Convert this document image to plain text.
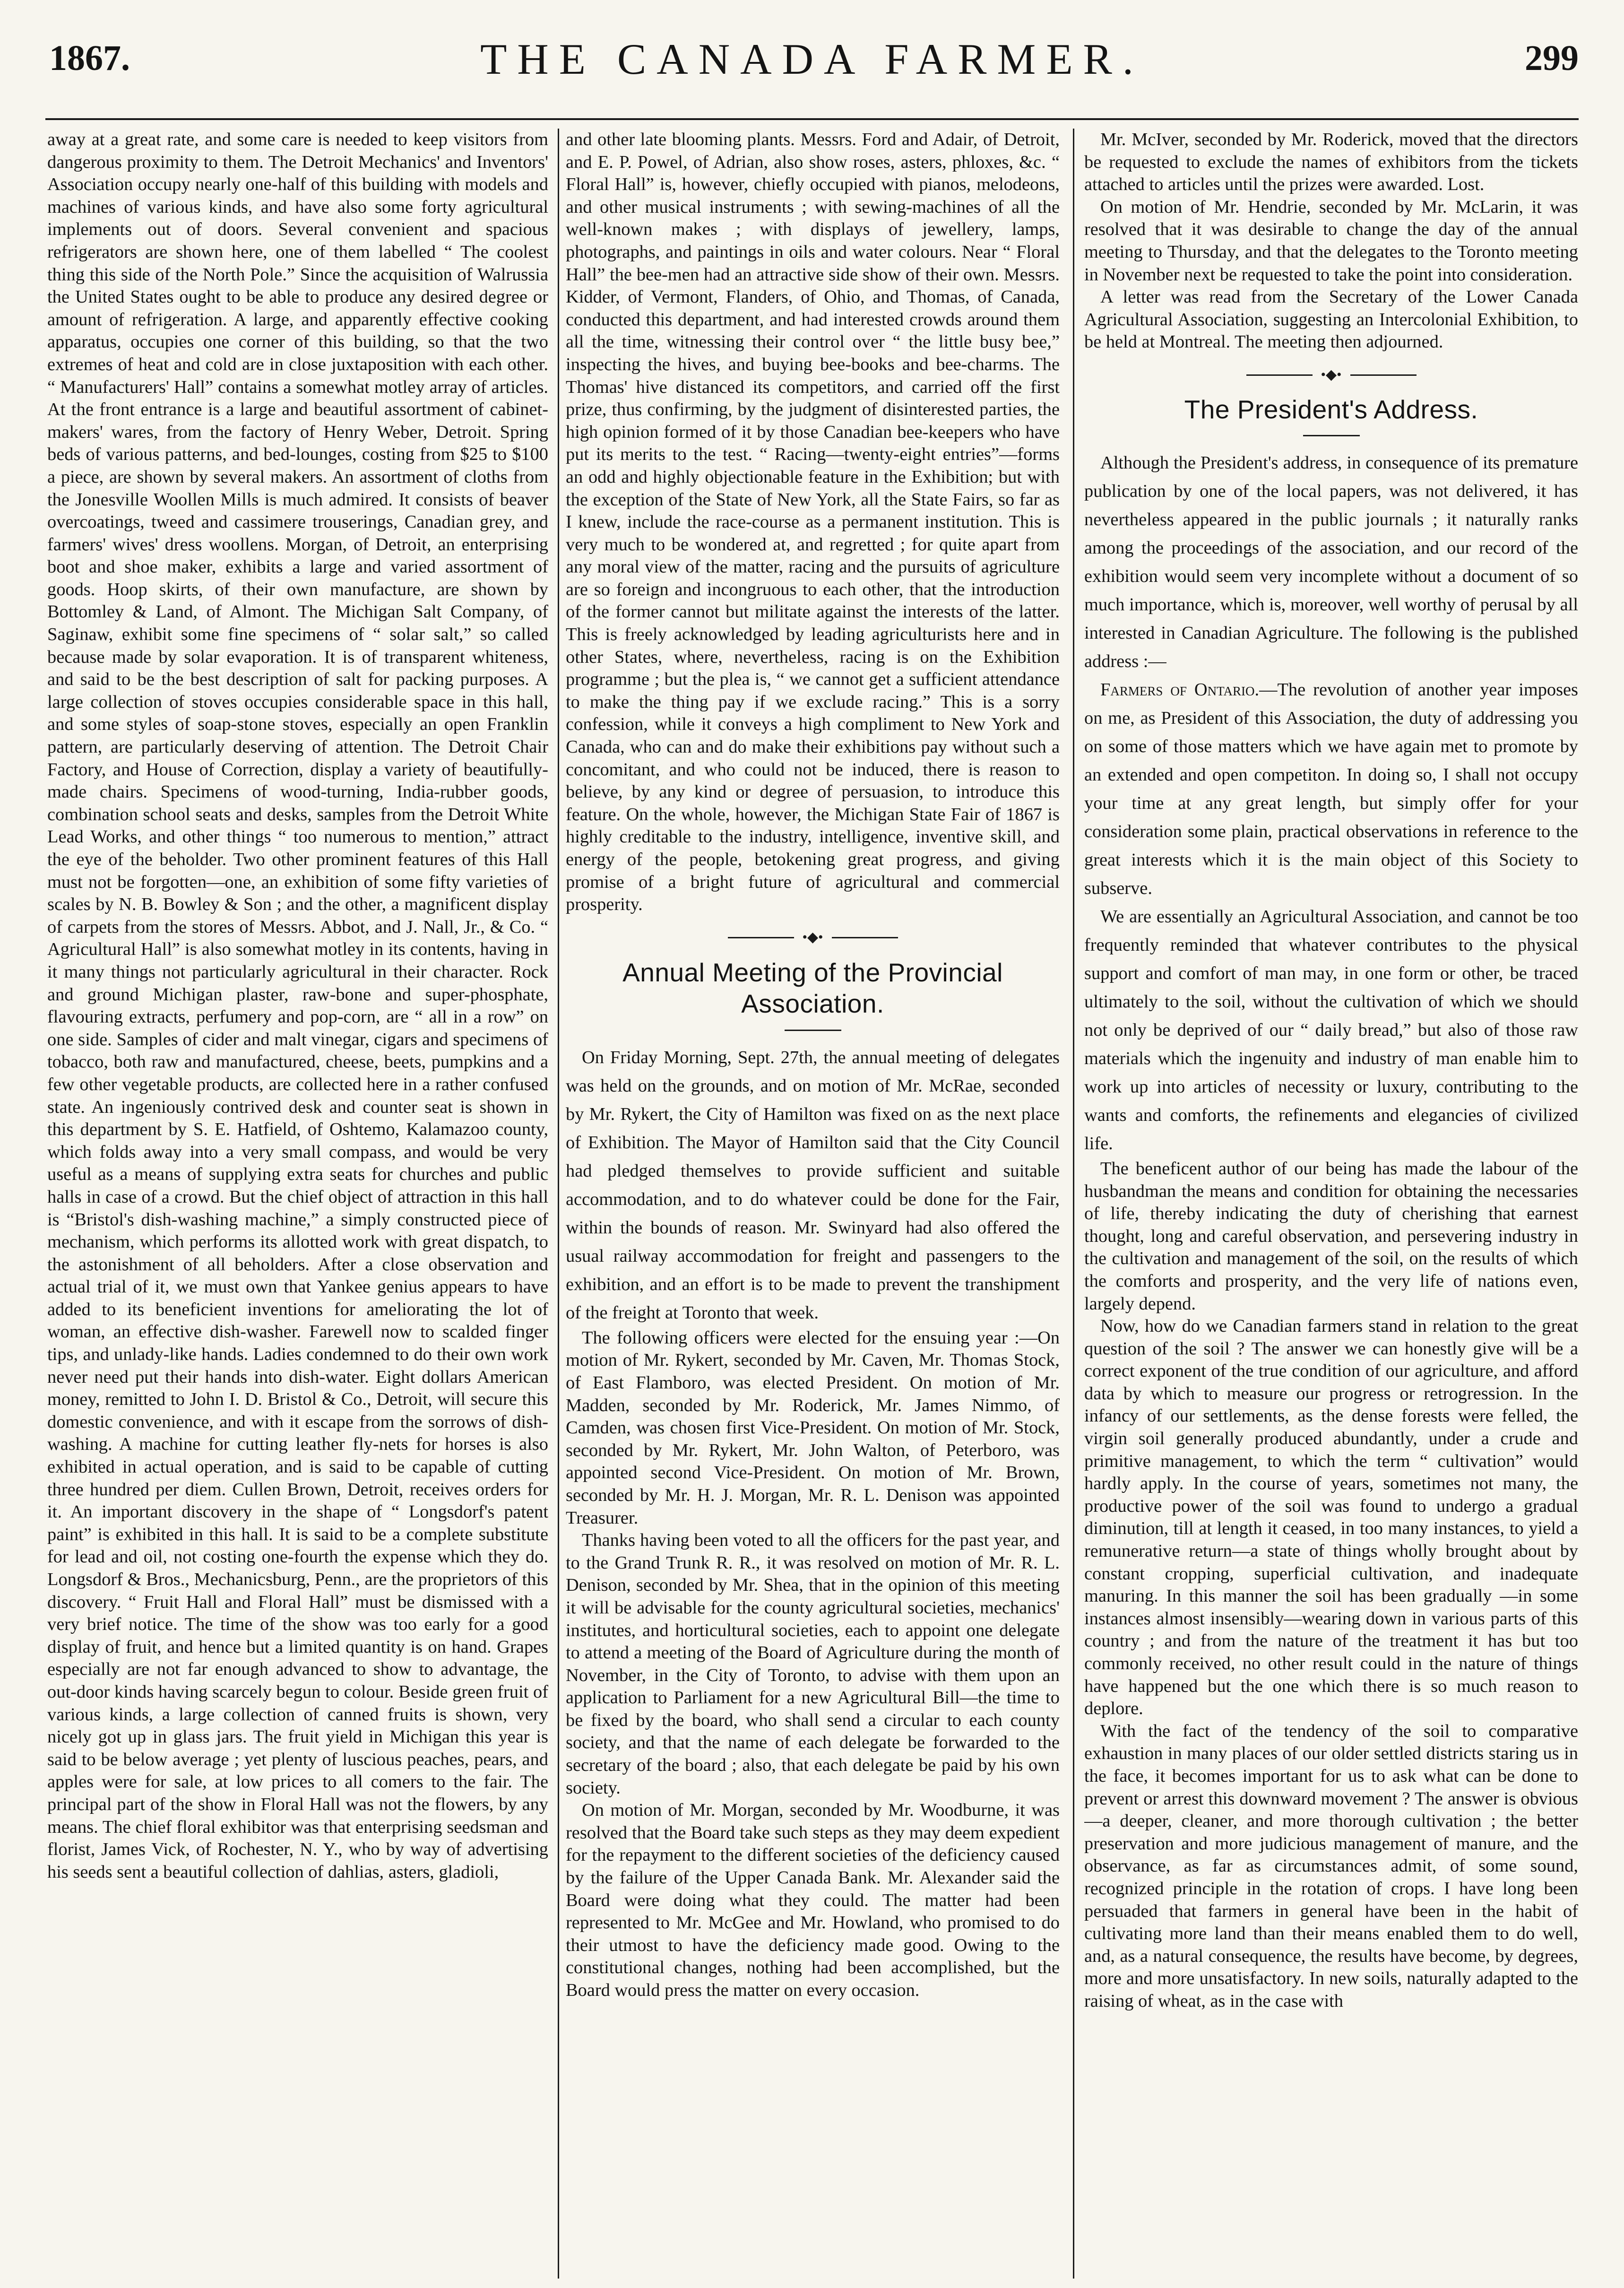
1867.	THE CANADA FARMER.	299

away at a great rate, and some care is needed to keep visitors from dangerous proximity to them. The Detroit Mechanics' and Inventors' Association occupy nearly one-half of this building with models and machines of various kinds, and have also some forty agricultural implements out of doors. Several convenient and spacious refrigerators are shown here, one of them labelled “ The coolest thing this side of the North Pole.” Since the acquisition of Walrussia the United States ought to be able to produce any desired degree or amount of refrigeration. A large, and apparently effective cooking apparatus, occupies one corner of this building, so that the two extremes of heat and cold are in close juxtaposition with each other. “ Manufacturers' Hall” contains a somewhat motley array of articles. At the front entrance is a large and beautiful assortment of cabinet-makers' wares, from the factory of Henry Weber, Detroit. Spring beds of various patterns, and bed-lounges, costing from $25 to $100 a piece, are shown by several makers. An assortment of cloths from the Jonesville Woollen Mills is much admired. It consists of beaver overcoatings, tweed and cassimere trouserings, Canadian grey, and farmers' wives' dress woollens. Morgan, of Detroit, an enterprising boot and shoe maker, exhibits a large and varied assortment of goods. Hoop skirts, of their own manufacture, are shown by Bottomley & Land, of Almont. The Michigan Salt Company, of Saginaw, exhibit some fine specimens of “ solar salt,” so called because made by solar evaporation. It is of transparent whiteness, and said to be the best description of salt for packing purposes. A large collection of stoves occupies considerable space in this hall, and some styles of soap-stone stoves, especially an open Franklin pattern, are particularly deserving of attention. The Detroit Chair Factory, and House of Correction, display a variety of beautifully-made chairs. Specimens of wood-turning, India-rubber goods, combination school seats and desks, samples from the Detroit White Lead Works, and other things “ too numerous to mention,” attract the eye of the beholder. Two other prominent features of this Hall must not be forgotten—one, an exhibition of some fifty varieties of scales by N. B. Bowley & Son ; and the other, a magnificent display of carpets from the stores of Messrs. Abbot, and J. Nall, Jr., & Co. “ Agricultural Hall” is also somewhat motley in its contents, having in it many things not particularly agricultural in their character. Rock and ground Michigan plaster, raw-bone and super-phosphate, flavouring extracts, perfumery and pop-corn, are “ all in a row” on one side. Samples of cider and malt vinegar, cigars and specimens of tobacco, both raw and manufactured, cheese, beets, pumpkins and a few other vegetable products, are collected here in a rather confused state. An ingeniously contrived desk and counter seat is shown in this department by S. E. Hatfield, of Oshtemo, Kalamazoo county, which folds away into a very small compass, and would be very useful as a means of supplying extra seats for churches and public halls in case of a crowd. But the chief object of attraction in this hall is “Bristol's dish-washing machine,” a simply constructed piece of mechanism, which performs its allotted work with great dispatch, to the astonishment of all beholders. After a close observation and actual trial of it, we must own that Yankee genius appears to have added to its beneficient inventions for ameliorating the lot of woman, an effective dish-washer. Farewell now to scalded finger tips, and unlady-like hands. Ladies condemned to do their own work never need put their hands into dish-water. Eight dollars American money, remitted to John I. D. Bristol & Co., Detroit, will secure this domestic convenience, and with it escape from the sorrows of dish-washing. A machine for cutting leather fly-nets for horses is also exhibited in actual operation, and is said to be capable of cutting three hundred per diem. Cullen Brown, Detroit, receives orders for it. An important discovery in the shape of “ Longsdorf's patent paint” is exhibited in this hall. It is said to be a complete substitute for lead and oil, not costing one-fourth the expense which they do. Longsdorf & Bros., Mechanicsburg, Penn., are the proprietors of this discovery. “ Fruit Hall and Floral Hall” must be dismissed with a very brief notice. The time of the show was too early for a good display of fruit, and hence but a limited quantity is on hand. Grapes especially are not far enough advanced to show to advantage, the out-door kinds having scarcely begun to colour. Beside green fruit of various kinds, a large collection of canned fruits is shown, very nicely got up in glass jars. The fruit yield in Michigan this year is said to be below average ; yet plenty of luscious peaches, pears, and apples were for sale, at low prices to all comers to the fair. The principal part of the show in Floral Hall was not the flowers, by any means. The chief floral exhibitor was that enterprising seedsman and florist, James Vick, of Rochester, N. Y., who by way of advertising his seeds sent a beautiful collection of dahlias, asters, gladioli,

and other late blooming plants. Messrs. Ford and Adair, of Detroit, and E. P. Powel, of Adrian, also show roses, asters, phloxes, &c. “ Floral Hall” is, however, chiefly occupied with pianos, melodeons, and other musical instruments ; with sewing-machines of all the well-known makes ; with displays of jewellery, lamps, photographs, and paintings in oils and water colours. Near “ Floral Hall” the bee-men had an attractive side show of their own. Messrs. Kidder, of Vermont, Flanders, of Ohio, and Thomas, of Canada, conducted this department, and had interested crowds around them all the time, witnessing their control over “ the little busy bee,” inspecting the hives, and buying bee-books and bee-charms. The Thomas' hive distanced its competitors, and carried off the first prize, thus confirming, by the judgment of disinterested parties, the high opinion formed of it by those Canadian bee-keepers who have put its merits to the test. “ Racing—twenty-eight entries”—forms an odd and highly objectionable feature in the Exhibition; but with the exception of the State of New York, all the State Fairs, so far as I knew, include the race-course as a permanent institution. This is very much to be wondered at, and regretted ; for quite apart from any moral view of the matter, racing and the pursuits of agriculture are so foreign and incongruous to each other, that the introduction of the former cannot but militate against the interests of the latter. This is freely acknowledged by leading agriculturists here and in other States, where, nevertheless, racing is on the Exhibition programme ; but the plea is, “ we cannot get a sufficient attendance to make the thing pay if we exclude racing.” This is a sorry confession, while it conveys a high compliment to New York and Canada, who can and do make their exhibitions pay without such a concomitant, and who could not be induced, there is reason to believe, by any kind or degree of persuasion, to introduce this feature. On the whole, however, the Michigan State Fair of 1867 is highly creditable to the industry, intelligence, inventive skill, and energy of the people, betokening great progress, and giving promise of a bright future of agricultural and commercial prosperity.

•◆•
Annual Meeting of the Provincial Association.

On Friday Morning, Sept. 27th, the annual meeting of delegates was held on the grounds, and on motion of Mr. McRae, seconded by Mr. Rykert, the City of Hamilton was fixed on as the next place of Exhibition. The Mayor of Hamilton said that the City Council had pledged themselves to provide sufficient and suitable accommodation, and to do whatever could be done for the Fair, within the bounds of reason. Mr. Swinyard had also offered the usual railway accommodation for freight and passengers to the exhibition, and an effort is to be made to prevent the transhipment of the freight at Toronto that week.

The following officers were elected for the ensuing year :—On motion of Mr. Rykert, seconded by Mr. Caven, Mr. Thomas Stock, of East Flamboro, was elected President. On motion of Mr. Madden, seconded by Mr. Roderick, Mr. James Nimmo, of Camden, was chosen first Vice-President. On motion of Mr. Stock, seconded by Mr. Rykert, Mr. John Walton, of Peterboro, was appointed second Vice-President. On motion of Mr. Brown, seconded by Mr. H. J. Morgan, Mr. R. L. Denison was appointed Treasurer.

Thanks having been voted to all the officers for the past year, and to the Grand Trunk R. R., it was resolved on motion of Mr. R. L. Denison, seconded by Mr. Shea, that in the opinion of this meeting it will be advisable for the county agricultural societies, mechanics' institutes, and horticultural societies, each to appoint one delegate to attend a meeting of the Board of Agriculture during the month of November, in the City of Toronto, to advise with them upon an application to Parliament for a new Agricultural Bill—the time to be fixed by the board, who shall send a circular to each county society, and that the name of each delegate be forwarded to the secretary of the board ; also, that each delegate be paid by his own society.

On motion of Mr. Morgan, seconded by Mr. Woodburne, it was resolved that the Board take such steps as they may deem expedient for the repayment to the different societies of the deficiency caused by the failure of the Upper Canada Bank. Mr. Alexander said the Board were doing what they could. The matter had been represented to Mr. McGee and Mr. Howland, who promised to do their utmost to have the deficiency made good. Owing to the constitutional changes, nothing had been accomplished, but the Board would press the matter on every occasion.

Mr. McIver, seconded by Mr. Roderick, moved that the directors be requested to exclude the names of exhibitors from the tickets attached to articles until the prizes were awarded. Lost.

On motion of Mr. Hendrie, seconded by Mr. McLarin, it was resolved that it was desirable to change the day of the annual meeting to Thursday, and that the delegates to the Toronto meeting in November next be requested to take the point into consideration.

A letter was read from the Secretary of the Lower Canada Agricultural Association, suggesting an Intercolonial Exhibition, to be held at Montreal. The meeting then adjourned.

•◆•
The President's Address.

Although the President's address, in consequence of its premature publication by one of the local papers, was not delivered, it has nevertheless appeared in the public journals ; it naturally ranks among the proceedings of the association, and our record of the exhibition would seem very incomplete without a document of so much importance, which is, moreover, well worthy of perusal by all interested in Canadian Agriculture. The following is the published address :—

Farmers of Ontario.—The revolution of another year imposes on me, as President of this Association, the duty of addressing you on some of those matters which we have again met to promote by an extended and open competiton. In doing so, I shall not occupy your time at any great length, but simply offer for your consideration some plain, practical observations in reference to the great interests which it is the main object of this Society to subserve.

We are essentially an Agricultural Association, and cannot be too frequently reminded that whatever contributes to the physical support and comfort of man may, in one form or other, be traced ultimately to the soil, without the cultivation of which we should not only be deprived of our “ daily bread,” but also of those raw materials which the ingenuity and industry of man enable him to work up into articles of necessity or luxury, contributing to the wants and comforts, the refinements and elegancies of civilized life.

The beneficent author of our being has made the labour of the husbandman the means and condition for obtaining the necessaries of life, thereby indicating the duty of cherishing that earnest thought, long and careful observation, and persevering industry in the cultivation and management of the soil, on the results of which the comforts and prosperity, and the very life of nations even, largely depend.

Now, how do we Canadian farmers stand in relation to the great question of the soil ? The answer we can honestly give will be a correct exponent of the true condition of our agriculture, and afford data by which to measure our progress or retrogression. In the infancy of our settlements, as the dense forests were felled, the virgin soil generally produced abundantly, under a crude and primitive management, to which the term “ cultivation” would hardly apply. In the course of years, sometimes not many, the productive power of the soil was found to undergo a gradual diminution, till at length it ceased, in too many instances, to yield a remunerative return—a state of things wholly brought about by constant cropping, superficial cultivation, and inadequate manuring. In this manner the soil has been gradually —in some instances almost insensibly—wearing down in various parts of this country ; and from the nature of the treatment it has but too commonly received, no other result could in the nature of things have happened but the one which there is so much reason to deplore.

With the fact of the tendency of the soil to comparative exhaustion in many places of our older settled districts staring us in the face, it becomes important for us to ask what can be done to prevent or arrest this downward movement ? The answer is obvious—a deeper, cleaner, and more thorough cultivation ; the better preservation and more judicious management of manure, and the observance, as far as circumstances admit, of some sound, recognized principle in the rotation of crops. I have long been persuaded that farmers in general have been in the habit of cultivating more land than their means enabled them to do well, and, as a natural consequence, the results have become, by degrees, more and more unsatisfactory. In new soils, naturally adapted to the raising of wheat, as in the case with
